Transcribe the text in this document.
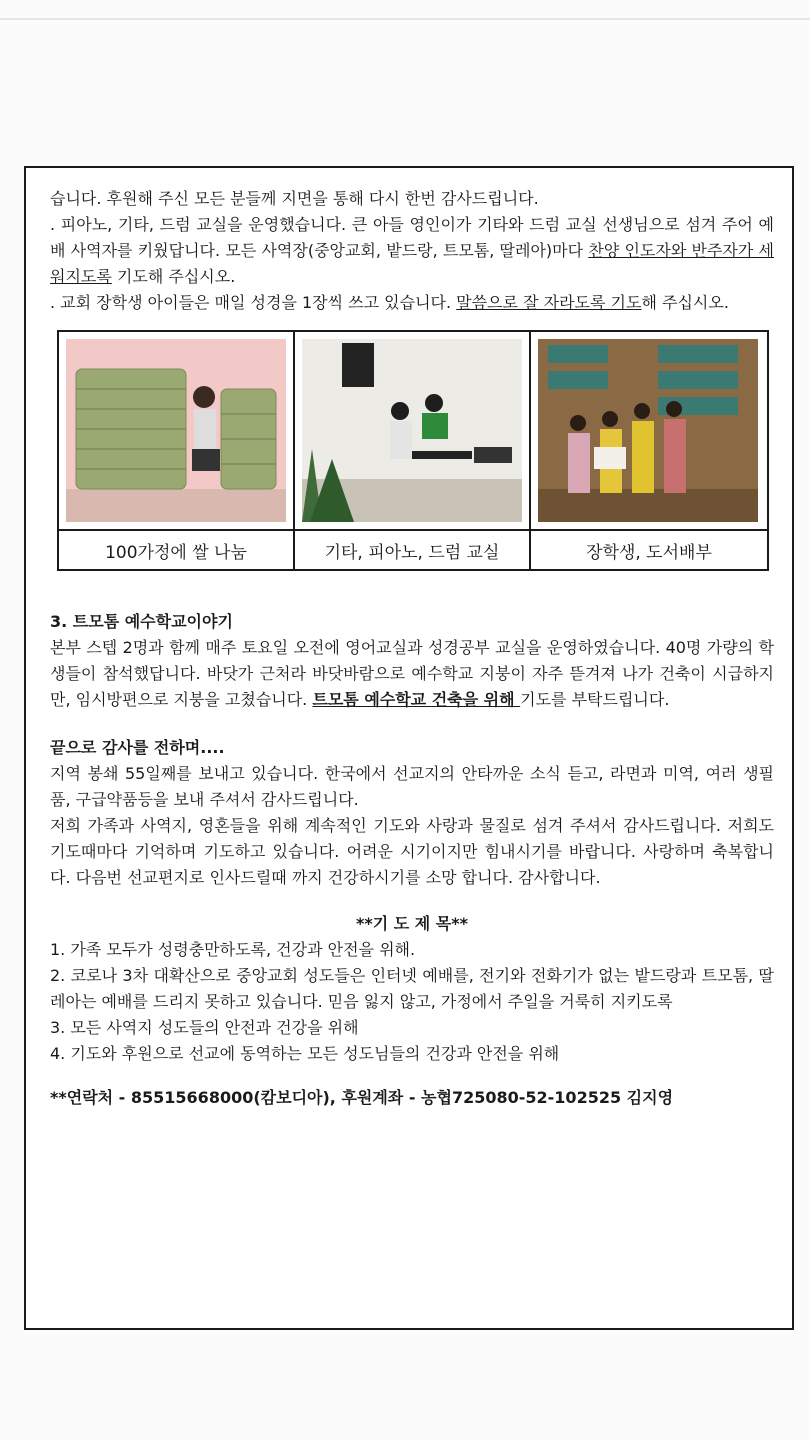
습니다. 후원해 주신 모든 분들께 지면을 통해 다시 한번 감사드립니다.

. 피아노, 기타, 드럼 교실을 운영했습니다. 큰 아들 영인이가 기타와 드럼 교실 선생님으로 섬겨 주어 예배 사역자를 키웠답니다. 모든 사역장(중앙교회, 밭드랑, 트모톰, 딸레아)마다 찬양 인도자와 반주자가 세워지도록 기도해 주십시오.

. 교회 장학생 아이들은 매일 성경을 1장씩 쓰고 있습니다. 말씀으로 잘 자라도록 기도해 주십시오.

100가정에 쌀 나눔	기타, 피아노, 드럼 교실	장학생, 도서배부
3. 트모톰 예수학교이야기

본부 스텝 2명과 함께 매주 토요일 오전에 영어교실과 성경공부 교실을 운영하였습니다. 40명 가량의 학생들이 참석했답니다. 바닷가 근처라 바닷바람으로 예수학교 지붕이 자주 뜯겨져 나가 건축이 시급하지만, 임시방편으로 지붕을 고쳤습니다. 트모톰 예수학교 건축을 위해 기도를 부탁드립니다.

끝으로 감사를 전하며....

지역 봉쇄 55일째를 보내고 있습니다. 한국에서 선교지의 안타까운 소식 듣고, 라면과 미역, 여러 생필품, 구급약품등을 보내 주셔서 감사드립니다.

저희 가족과 사역지, 영혼들을 위해 계속적인 기도와 사랑과 물질로 섬겨 주셔서 감사드립니다. 저희도 기도때마다 기억하며 기도하고 있습니다. 어려운 시기이지만 힘내시기를 바랍니다. 사랑하며 축복합니다. 다음번 선교편지로 인사드릴때 까지 건강하시기를 소망 합니다. 감사합니다.

**기 도 제 목**

1. 가족 모두가 성령충만하도록, 건강과 안전을 위해.

2. 코로나 3차 대확산으로 중앙교회 성도들은 인터넷 예배를, 전기와 전화기가 없는 밭드랑과 트모톰, 딸레아는 예배를 드리지 못하고 있습니다. 믿음 잃지 않고, 가정에서 주일을 거룩히 지키도록

3. 모든 사역지 성도들의 안전과 건강을 위해

4. 기도와 후원으로 선교에 동역하는 모든 성도님들의 건강과 안전을 위해

**연락처 - 85515668000(캄보디아), 후원계좌 - 농협725080-52-102525 김지영
